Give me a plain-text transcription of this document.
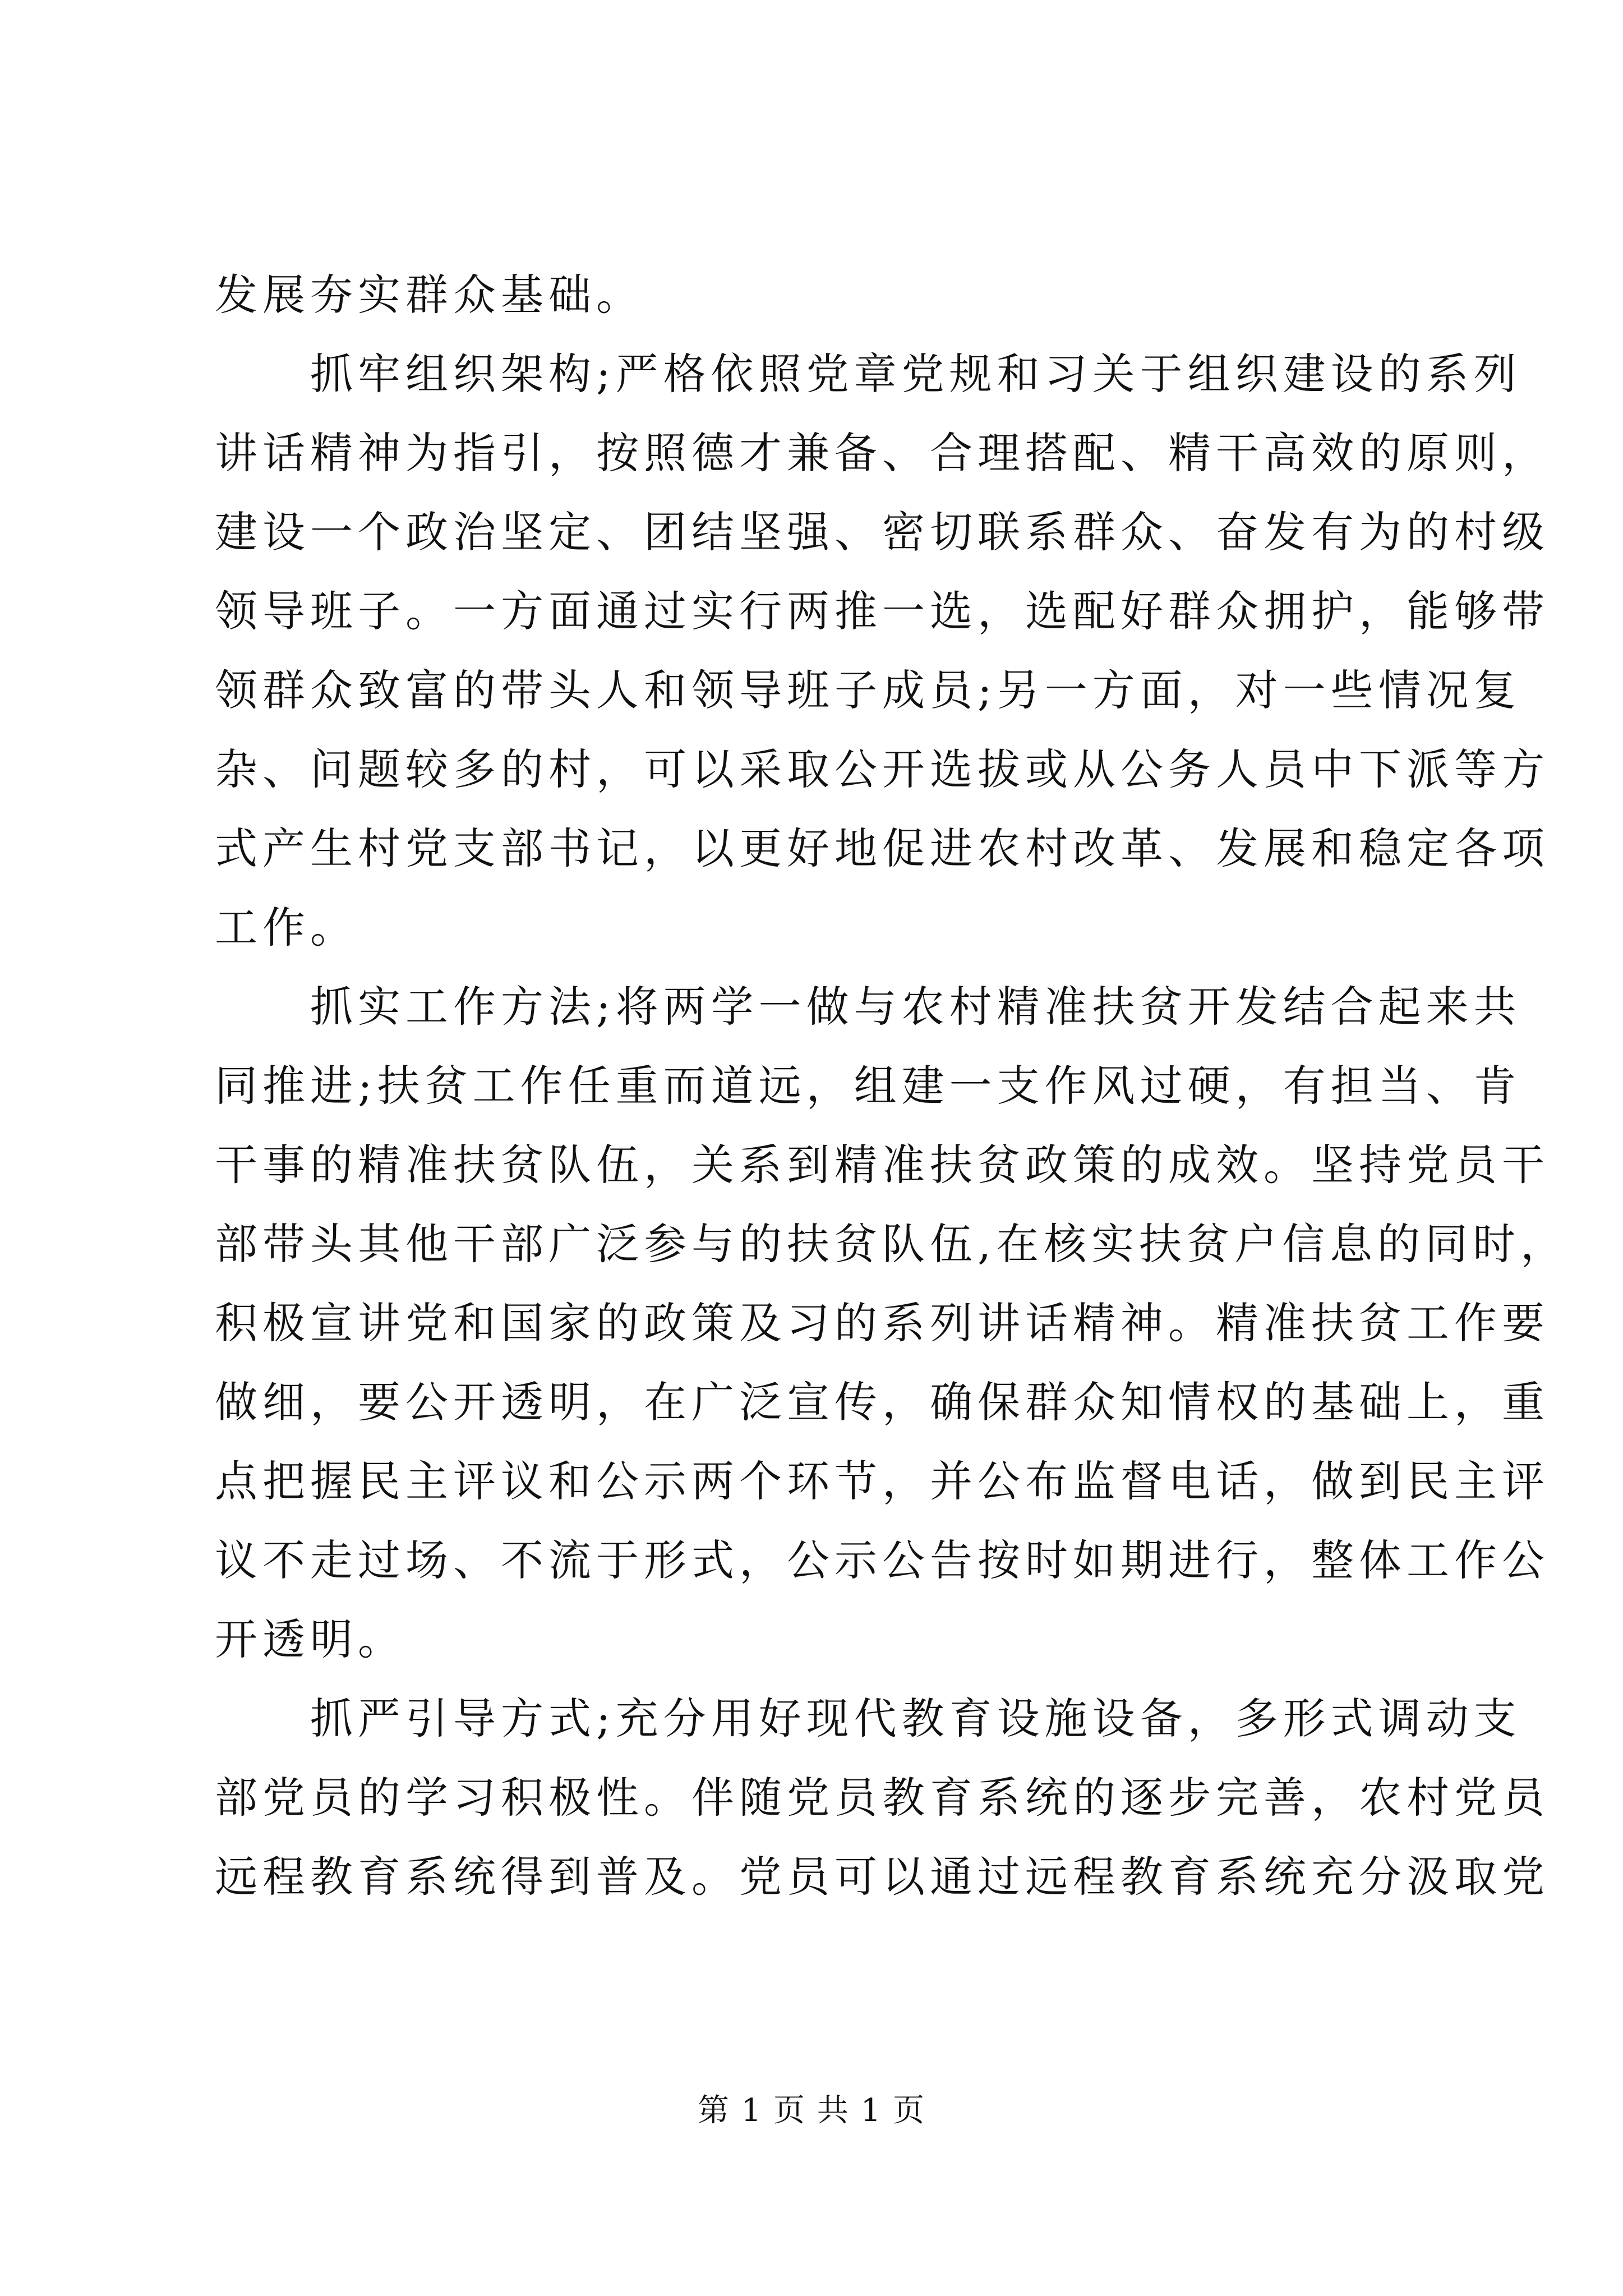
发展夯实群众基础。
抓牢组织架构;严格依照党章党规和习关于组织建设的系列
讲话精神为指引，按照德才兼备、合理搭配、精干高效的原则，
建设一个政治坚定、团结坚强、密切联系群众、奋发有为的村级
领导班子。一方面通过实行两推一选，选配好群众拥护，能够带
领群众致富的带头人和领导班子成员;另一方面，对一些情况复
杂、问题较多的村，可以采取公开选拔或从公务人员中下派等方
式产生村党支部书记，以更好地促进农村改革、发展和稳定各项
工作。
抓实工作方法;将两学一做与农村精准扶贫开发结合起来共
同推进;扶贫工作任重而道远，组建一支作风过硬，有担当、肯
干事的精准扶贫队伍，关系到精准扶贫政策的成效。坚持党员干
部带头其他干部广泛参与的扶贫队伍,在核实扶贫户信息的同时，
积极宣讲党和国家的政策及习的系列讲话精神。精准扶贫工作要
做细，要公开透明，在广泛宣传，确保群众知情权的基础上，重
点把握民主评议和公示两个环节，并公布监督电话，做到民主评
议不走过场、不流于形式，公示公告按时如期进行，整体工作公
开透明。
抓严引导方式;充分用好现代教育设施设备，多形式调动支
部党员的学习积极性。伴随党员教育系统的逐步完善，农村党员
远程教育系统得到普及。党员可以通过远程教育系统充分汲取党
第 1 页 共 1 页
